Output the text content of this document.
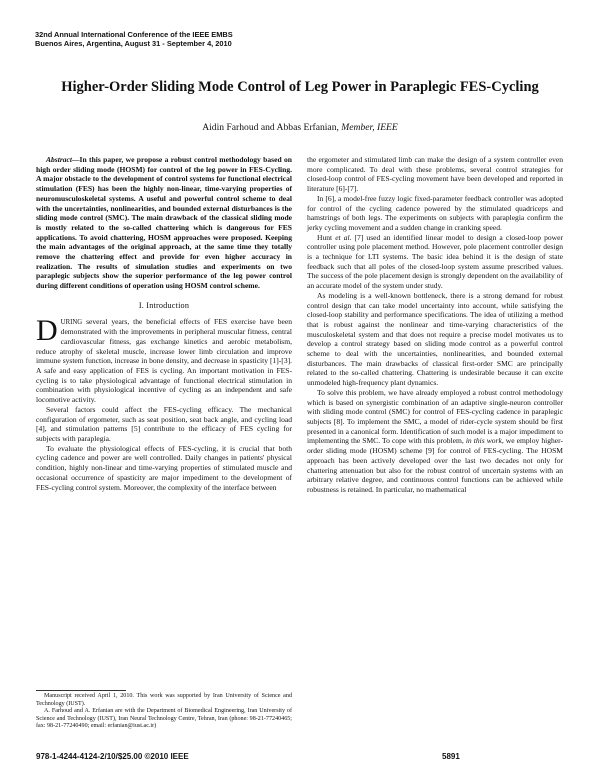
32nd Annual International Conference of the IEEE EMBS
Buenos Aires, Argentina, August 31 - September 4, 2010
Higher-Order Sliding Mode Control of Leg Power in Paraplegic FES-Cycling
Aidin Farhoud and Abbas Erfanian, Member, IEEE

Abstract—In this paper, we propose a robust control methodology based on high order sliding mode (HOSM) for control of the leg power in FES-Cycling. A major obstacle to the development of control systems for functional electrical stimulation (FES) has been the highly non-linear, time-varying properties of neuromusculoskeletal systems. A useful and powerful control scheme to deal with the uncertainties, nonlinearities, and bounded external disturbances is the sliding mode control (SMC). The main drawback of the classical sliding mode is mostly related to the so-called chattering which is dangerous for FES applications. To avoid chattering, HOSM approaches were proposed. Keeping the main advantages of the original approach, at the same time they totally remove the chattering effect and provide for even higher accuracy in realization. The results of simulation studies and experiments on two paraplegic subjects show the superior performance of the leg power control during different conditions of operation using HOSM control scheme.

I. Introduction

DURING several years, the beneficial effects of FES exercise have been demonstrated with the improvements in peripheral muscular fitness, central cardiovascular fitness, gas exchange kinetics and aerobic metabolism, reduce atrophy of skeletal muscle, increase lower limb circulation and improve immune system function, increase in bone density, and decrease in spasticity [1]-[3]. A safe and easy application of FES is cycling. An important motivation in FES-cycling is to take physiological advantage of functional electrical stimulation in combination with physiological incentive of cycling as an independent and safe locomotive activity.

Several factors could affect the FES-cycling efficacy. The mechanical configuration of ergometer, such as seat position, seat back angle, and cycling load [4], and stimulation patterns [5] contribute to the efficacy of FES cycling for subjects with paraplegia.

To evaluate the physiological effects of FES-cycling, it is crucial that both cycling cadence and power are well controlled. Daily changes in patients' physical condition, highly non-linear and time-varying properties of stimulated muscle and occasional occurrence of spasticity are major impediment to the development of FES-cycling control system. Moreover, the complexity of the interface between

Manuscript received April 1, 2010. This work was supported by Iran University of Science and Technology (IUST).

A. Farhoud and A. Erfanian are with the Department of Biomedical Engineering, Iran University of Science and Technology (IUST), Iran Neural Technology Centre, Tehran, Iran (phone: 98-21-77240465; fax: 98-21-77240490; email: erfanian@iust.ac.ir)

the ergometer and stimulated limb can make the design of a system controller even more complicated. To deal with these problems, several control strategies for closed-loop control of FES-cycling movement have been developed and reported in literature [6]-[7].

In [6], a model-free fuzzy logic fixed-parameter feedback controller was adopted for control of the cycling cadence powered by the stimulated quadriceps and hamstrings of both legs. The experiments on subjects with paraplegia confirm the jerky cycling movement and a sudden change in cranking speed.

Hunt et al. [7] used an identified linear model to design a closed-loop power controller using pole placement method. However, pole placement controller design is a technique for LTI systems. The basic idea behind it is the design of state feedback such that all poles of the closed-loop system assume prescribed values. The success of the pole placement design is strongly dependent on the availability of an accurate model of the system under study.

As modeling is a well-known bottleneck, there is a strong demand for robust control design that can take model uncertainty into account, while satisfying the closed-loop stability and performance specifications. The idea of utilizing a method that is robust against the nonlinear and time-varying characteristics of the musculoskeletal system and that does not require a precise model motivates us to develop a control strategy based on sliding mode control as a powerful control scheme to deal with the uncertainties, nonlinearities, and bounded external disturbances. The main drawbacks of classical first-order SMC are principally related to the so-called chattering. Chattering is undesirable because it can excite unmodeled high-frequency plant dynamics.

To solve this problem, we have already employed a robust control methodology which is based on synergistic combination of an adaptive single-neuron controller with sliding mode control (SMC) for control of FES-cycling cadence in paraplegic subjects [8]. To implement the SMC, a model of rider-cycle system should be first presented in a canonical form. Identification of such model is a major impediment to implementing the SMC. To cope with this problem, in this work, we employ higher-order sliding mode (HOSM) scheme [9] for control of FES-cycling. The HOSM approach has been actively developed over the last two decades not only for chattering attenuation but also for the robust control of uncertain systems with an arbitrary relative degree, and continuous control functions can be achieved while robustness is retained. In particular, no mathematical

978-1-4244-4124-2/10/$25.00 ©2010 IEEE	5891
